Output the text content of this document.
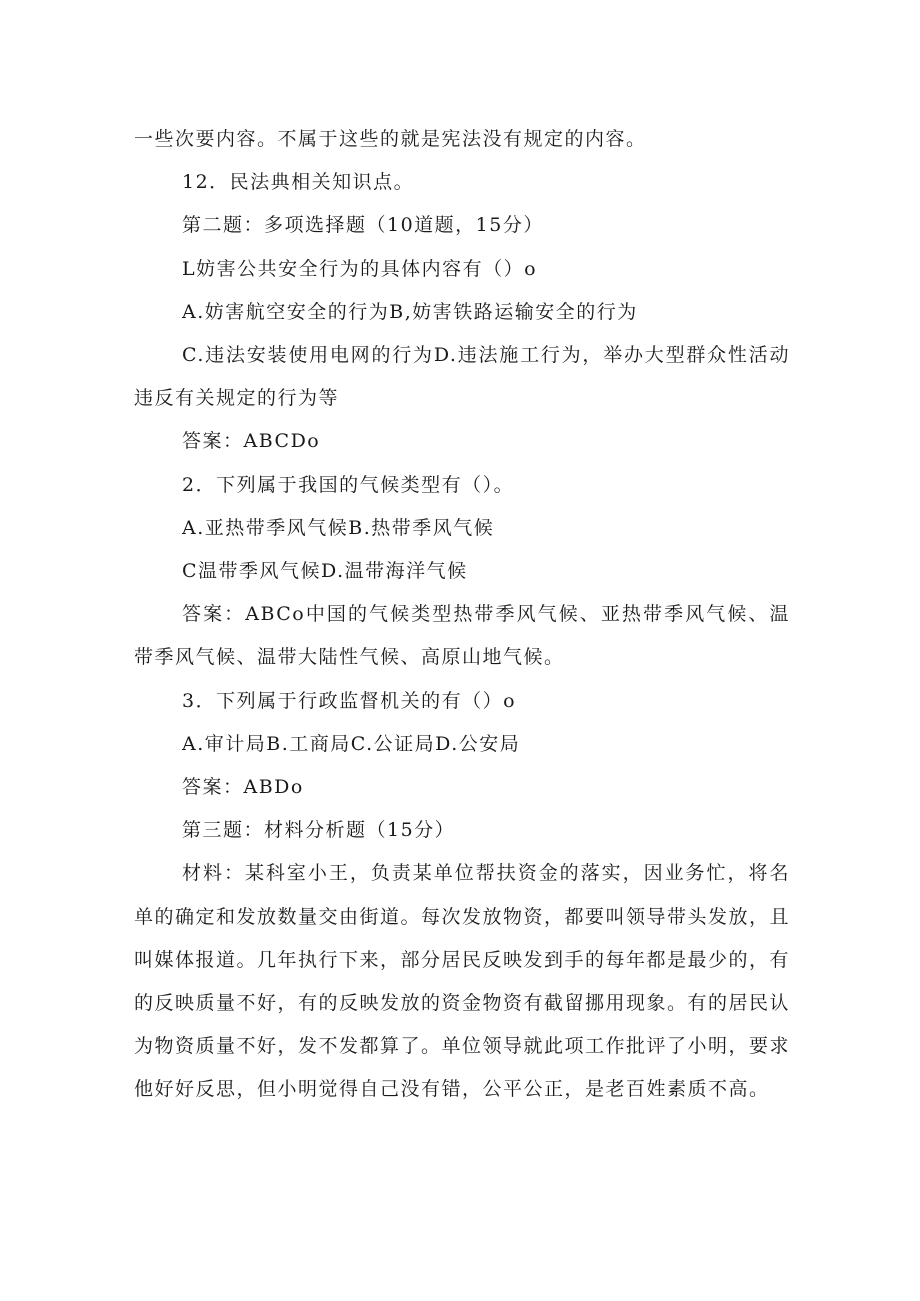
一些次要内容。不属于这些的就是宪法没有规定的内容。

12．民法典相关知识点。

第二题：多项选择题（10道题，15分）

L妨害公共安全行为的具体内容有（）o

A.妨害航空安全的行为B,妨害铁路运输安全的行为

C.违法安装使用电网的行为D.违法施工行为，举办大型群众性活动违反有关规定的行为等

答案：ABCDo

2．下列属于我国的气候类型有（）。

A.亚热带季风气候B.热带季风气候

C温带季风气候D.温带海洋气候

答案：ABCo中国的气候类型热带季风气候、亚热带季风气候、温带季风气候、温带大陆性气候、高原山地气候。

3．下列属于行政监督机关的有（）o

A.审计局B.工商局C.公证局D.公安局

答案：ABDo

第三题：材料分析题（15分）

材料：某科室小王，负责某单位帮扶资金的落实，因业务忙，将名单的确定和发放数量交由街道。每次发放物资，都要叫领导带头发放，且叫媒体报道。几年执行下来，部分居民反映发到手的每年都是最少的，有的反映质量不好，有的反映发放的资金物资有截留挪用现象。有的居民认为物资质量不好，发不发都算了。单位领导就此项工作批评了小明，要求他好好反思，但小明觉得自己没有错，公平公正，是老百姓素质不高。
